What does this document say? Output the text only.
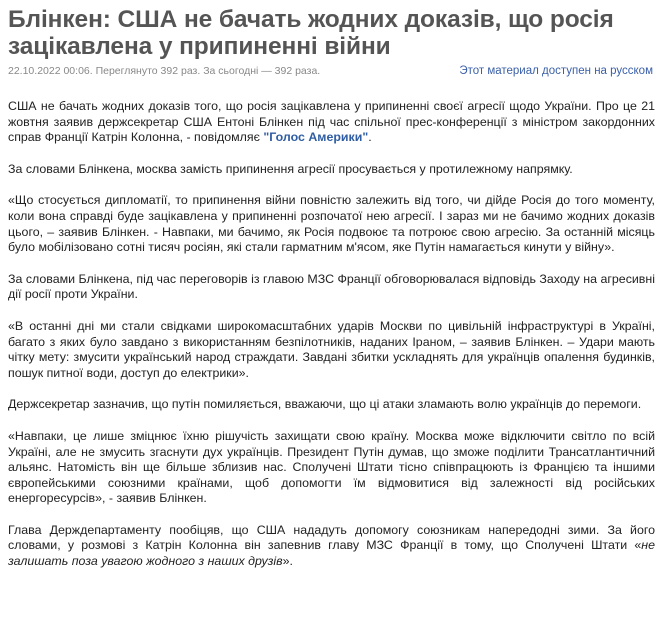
Блінкен: США не бачать жодних доказів, що росія зацікавлена у припиненні війни
22.10.2022 00:06. Переглянуто 392 раз. За сьогодні — 392 раза.	Этот материал доступен на русском

США не бачать жодних доказів того, що росія зацікавлена у припиненні своєї агресії щодо України. Про це 21 жовтня заявив держсекретар США Ентоні Блінкен під час спільної прес-конференції з міністром закордонних справ Франції Катрін Колонна, - повідомляє "Голос Америки".

За словами Блінкена, москва замість припинення агресії просувається у протилежному напрямку.

«Що стосується дипломатії, то припинення війни повністю залежить від того, чи дійде Росія до того моменту, коли вона справді буде зацікавлена у припиненні розпочатої нею агресії. І зараз ми не бачимо жодних доказів цього, – заявив Блінкен. - Навпаки, ми бачимо, як Росія подвоює та потроює свою агресію. За останній місяць було мобілізовано сотні тисяч росіян, які стали гарматним м'ясом, яке Путін намагається кинути у війну».

За словами Блінкена, під час переговорів із главою МЗС Франції обговорювалася відповідь Заходу на агресивні дії росії проти України.

«В останні дні ми стали свідками широкомасштабних ударів Москви по цивільній інфраструктурі в Україні, багато з яких було завдано з використанням безпілотників, наданих Іраном, – заявив Блінкен. – Удари мають чітку мету: змусити український народ страждати. Завдані збитки ускладнять для українців опалення будинків, пошук питної води, доступ до електрики».

Держсекретар зазначив, що путін помиляється, вважаючи, що ці атаки зламають волю українців до перемоги.

«Навпаки, це лише зміцнює їхню рішучість захищати свою країну. Москва може відключити світло по всій Україні, але не змусить згаснути дух українців. Президент Путін думав, що зможе поділити Трансатлантичний альянс. Натомість він ще більше зблизив нас. Сполучені Штати тісно співпрацюють із Францією та іншими європейськими союзними країнами, щоб допомогти їм відмовитися від залежності від російських енергоресурсів», - заявив Блінкен.

Глава Держдепартаменту пообіцяв, що США нададуть допомогу союзникам напередодні зими. За його словами, у розмові з Катрін Колонна він запевнив главу МЗС Франції в тому, що Сполучені Штати «не залишать поза увагою жодного з наших друзів».
